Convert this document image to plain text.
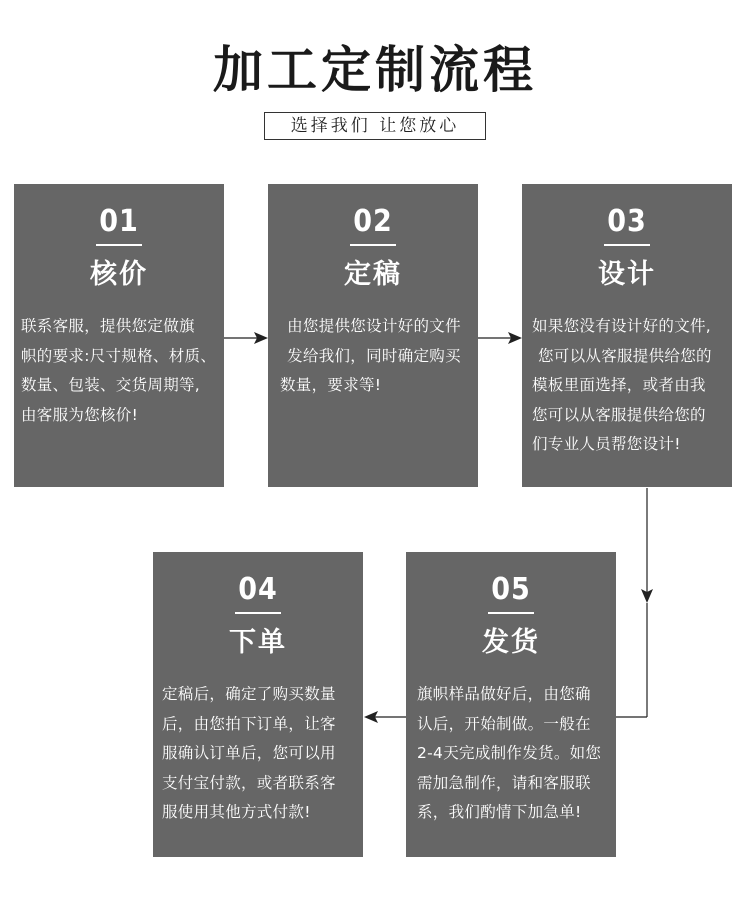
加工定制流程
选择我们 让您放心
01
核价
联系客服，提供您定做旗
帜的要求:尺寸规格、材质、
数量、包装、交货周期等,
由客服为您核价!
02
定稿
由您提供您设计好的文件
发给我们，同时确定购买
数量，要求等!
03
设计
如果您没有设计好的文件,
您可以从客服提供给您的
模板里面选择，或者由我
您可以从客服提供给您的
们专业人员帮您设计!
04
下单
定稿后，确定了购买数量
后，由您拍下订单，让客
服确认订单后，您可以用
支付宝付款，或者联系客
服使用其他方式付款!
05
发货
旗帜样品做好后，由您确
认后，开始制做。一般在
2-4天完成制作发货。如您
需加急制作，请和客服联
系，我们酌情下加急单!
